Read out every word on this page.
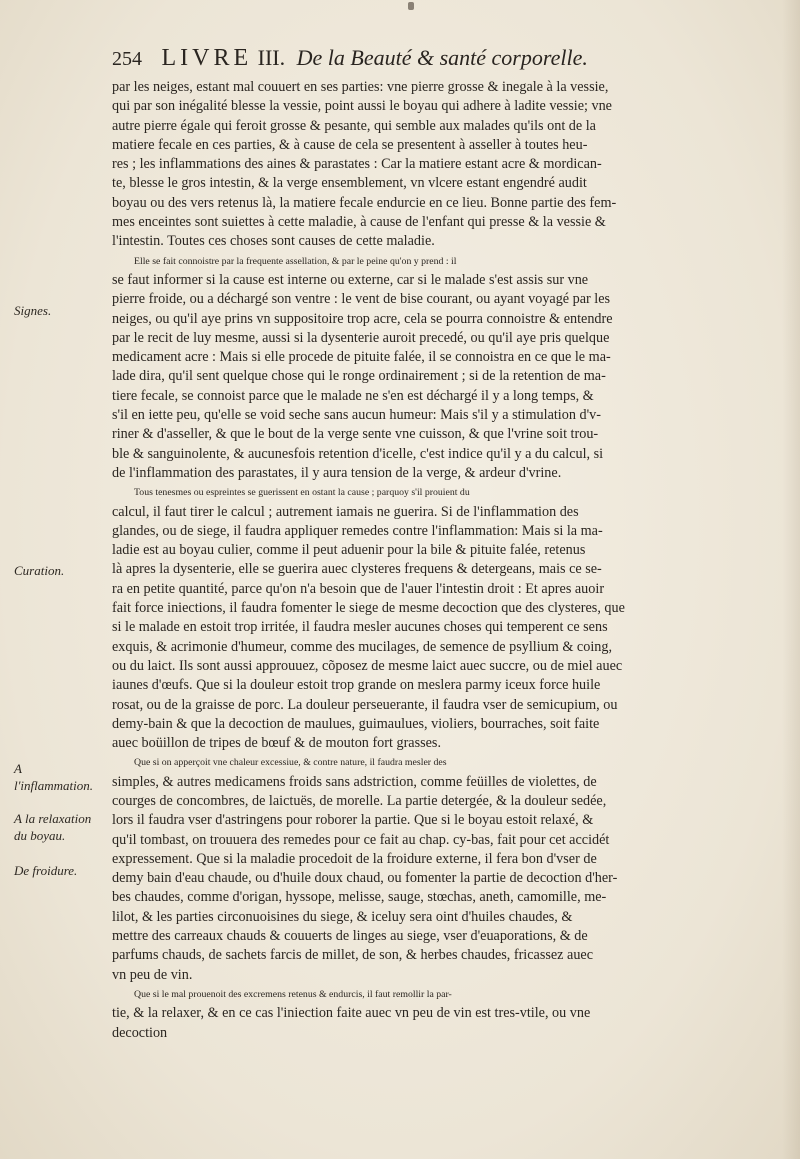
254 LIVRE III. De la Beauté & santé corporelle.
Signes.
Curation.
A l'inflammation.
A la relaxation du boyau.
De froidure.
par les neiges, estant mal couuert en ses parties: vne pierre grosse & inegale à la vessie,
qui par son inégalité blesse la vessie, point aussi le boyau qui adhere à ladite vessie; vne
autre pierre égale qui feroit grosse & pesante, qui semble aux malades qu'ils ont de la
matiere fecale en ces parties, & à cause de cela se presentent à asseller à toutes heu-
res ; les inflammations des aines & parastates : Car la matiere estant acre & mordican-
te, blesse le gros intestin, & la verge ensemblement, vn vlcere estant engendré audit
boyau ou des vers retenus là, la matiere fecale endurcie en ce lieu. Bonne partie des fem-
mes enceintes sont suiettes à cette maladie, à cause de l'enfant qui presse & la vessie &
l'intestin. Toutes ces choses sont causes de cette maladie.
Elle se fait connoistre par la frequente assellation, & par le peine qu'on y prend : il
se faut informer si la cause est interne ou externe, car si le malade s'est assis sur vne
pierre froide, ou a déchargé son ventre : le vent de bise courant, ou ayant voyagé par les
neiges, ou qu'il aye prins vn suppositoire trop acre, cela se pourra connoistre & entendre
par le recit de luy mesme, aussi si la dysenterie auroit precedé, ou qu'il aye pris quelque
medicament acre : Mais si elle procede de pituite falée, il se connoistra en ce que le ma-
lade dira, qu'il sent quelque chose qui le ronge ordinairement ; si de la retention de ma-
tiere fecale, se connoist parce que le malade ne s'en est déchargé il y a long temps, &
s'il en iette peu, qu'elle se void seche sans aucun humeur: Mais s'il y a stimulation d'v-
riner & d'asseller, & que le bout de la verge sente vne cuisson, & que l'vrine soit trou-
ble & sanguinolente, & aucunesfois retention d'icelle, c'est indice qu'il y a du calcul, si
de l'inflammation des parastates, il y aura tension de la verge, & ardeur d'vrine.
Tous tenesmes ou espreintes se guerissent en ostant la cause ; parquoy s'il prouient du
calcul, il faut tirer le calcul ; autrement iamais ne guerira. Si de l'inflammation des
glandes, ou de siege, il faudra appliquer remedes contre l'inflammation: Mais si la ma-
ladie est au boyau culier, comme il peut aduenir pour la bile & pituite falée, retenus
là apres la dysenterie, elle se guerira auec clysteres frequens & detergeans, mais ce se-
ra en petite quantité, parce qu'on n'a besoin que de l'auer l'intestin droit : Et apres auoir
fait force iniections, il faudra fomenter le siege de mesme decoction que des clysteres, que
si le malade en estoit trop irritée, il faudra mesler aucunes choses qui temperent ce sens
exquis, & acrimonie d'humeur, comme des mucilages, de semence de psyllium & coing,
ou du laict. Ils sont aussi approuuez, cõposez de mesme laict auec succre, ou de miel auec
iaunes d'œufs. Que si la douleur estoit trop grande on meslera parmy iceux force huile
rosat, ou de la graisse de porc. La douleur perseuerante, il faudra vser de semicupium, ou
demy-bain & que la decoction de maulues, guimaulues, violiers, bourraches, soit faite
auec boüillon de tripes de bœuf & de mouton fort grasses.
Que si on apperçoit vne chaleur excessiue, & contre nature, il faudra mesler des
simples, & autres medicamens froids sans adstriction, comme feüilles de violettes, de
courges de concombres, de laictuës, de morelle. La partie detergée, & la douleur sedée,
lors il faudra vser d'astringens pour roborer la partie. Que si le boyau estoit relaxé, &
qu'il tombast, on trouuera des remedes pour ce fait au chap. cy-bas, fait pour cet accidét
expressement. Que si la maladie procedoit de la froidure externe, il fera bon d'vser de
demy bain d'eau chaude, ou d'huile doux chaud, ou fomenter la partie de decoction d'her-
bes chaudes, comme d'origan, hyssope, melisse, sauge, stœchas, aneth, camomille, me-
lilot, & les parties circonuoisines du siege, & iceluy sera oint d'huiles chaudes, &
mettre des carreaux chauds & couuerts de linges au siege, vser d'euaporations, & de
parfums chauds, de sachets farcis de millet, de son, & herbes chaudes, fricassez auec
vn peu de vin.
Que si le mal prouenoit des excremens retenus & endurcis, il faut remollir la par-
tie, & la relaxer, & en ce cas l'iniection faite auec vn peu de vin est tres-vtile, ou vne
decoction
